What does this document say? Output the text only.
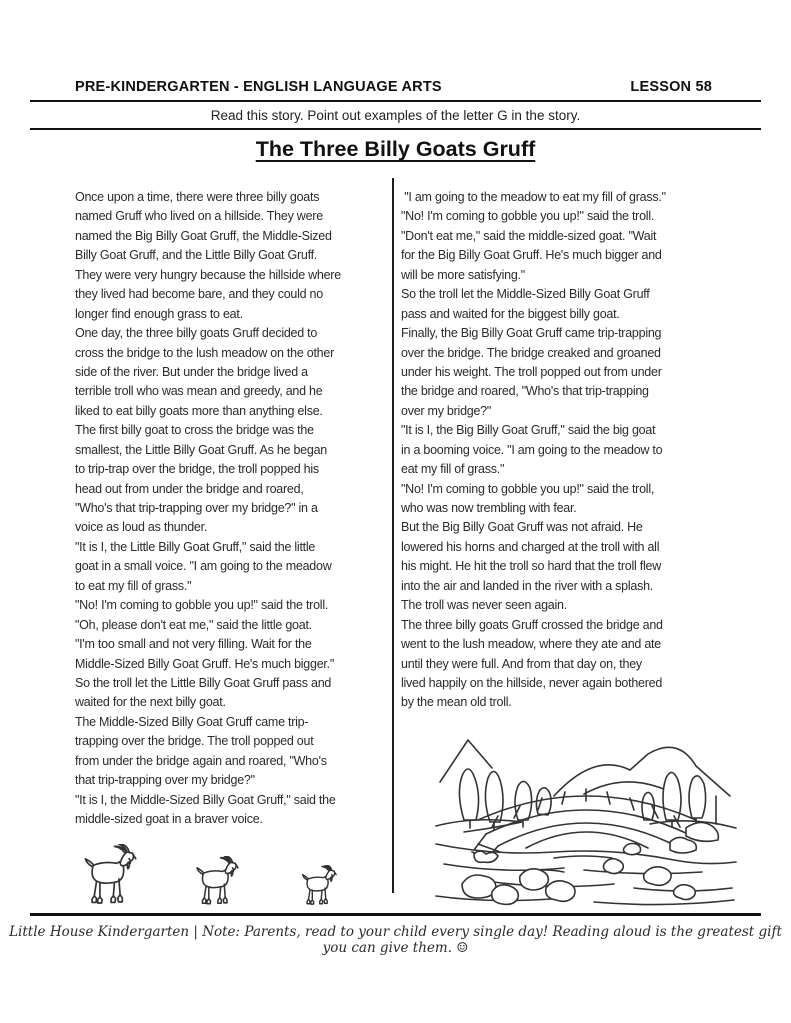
PRE-KINDERGARTEN - ENGLISH LANGUAGE ARTS	LESSON 58
Read this story. Point out examples of the letter G in the story.
The Three Billy Goats Gruff
Once upon a time, there were three billy goats
named Gruff who lived on a hillside. They were
named the Big Billy Goat Gruff, the Middle-Sized
Billy Goat Gruff, and the Little Billy Goat Gruff.
They were very hungry because the hillside where
they lived had become bare, and they could no
longer find enough grass to eat.
One day, the three billy goats Gruff decided to
cross the bridge to the lush meadow on the other
side of the river. But under the bridge lived a
terrible troll who was mean and greedy, and he
liked to eat billy goats more than anything else.
The first billy goat to cross the bridge was the
smallest, the Little Billy Goat Gruff. As he began
to trip-trap over the bridge, the troll popped his
head out from under the bridge and roared,
"Who's that trip-trapping over my bridge?" in a
voice as loud as thunder.
"It is I, the Little Billy Goat Gruff," said the little
goat in a small voice. "I am going to the meadow
to eat my fill of grass."
"No! I'm coming to gobble you up!" said the troll.
"Oh, please don't eat me," said the little goat.
"I'm too small and not very filling. Wait for the
Middle-Sized Billy Goat Gruff. He's much bigger."
So the troll let the Little Billy Goat Gruff pass and
waited for the next billy goat.
The Middle-Sized Billy Goat Gruff came trip-
trapping over the bridge. The troll popped out
from under the bridge again and roared, "Who's
that trip-trapping over my bridge?"
"It is I, the Middle-Sized Billy Goat Gruff," said the
middle-sized goat in a braver voice.
"I am going to the meadow to eat my fill of grass."
"No! I'm coming to gobble you up!" said the troll.
"Don't eat me," said the middle-sized goat. "Wait
for the Big Billy Goat Gruff. He's much bigger and
will be more satisfying."
So the troll let the Middle-Sized Billy Goat Gruff
pass and waited for the biggest billy goat.
Finally, the Big Billy Goat Gruff came trip-trapping
over the bridge. The bridge creaked and groaned
under his weight. The troll popped out from under
the bridge and roared, "Who's that trip-trapping
over my bridge?"
"It is I, the Big Billy Goat Gruff," said the big goat
in a booming voice. "I am going to the meadow to
eat my fill of grass."
"No! I'm coming to gobble you up!" said the troll,
who was now trembling with fear.
But the Big Billy Goat Gruff was not afraid. He
lowered his horns and charged at the troll with all
his might. He hit the troll so hard that the troll flew
into the air and landed in the river with a splash.
The troll was never seen again.
The three billy goats Gruff crossed the bridge and
went to the lush meadow, where they ate and ate
until they were full. And from that day on, they
lived happily on the hillside, never again bothered
by the mean old troll.
Little House Kindergarten | Note: Parents, read to your child every single day! Reading aloud is the greatest gift you can give them. ☺
